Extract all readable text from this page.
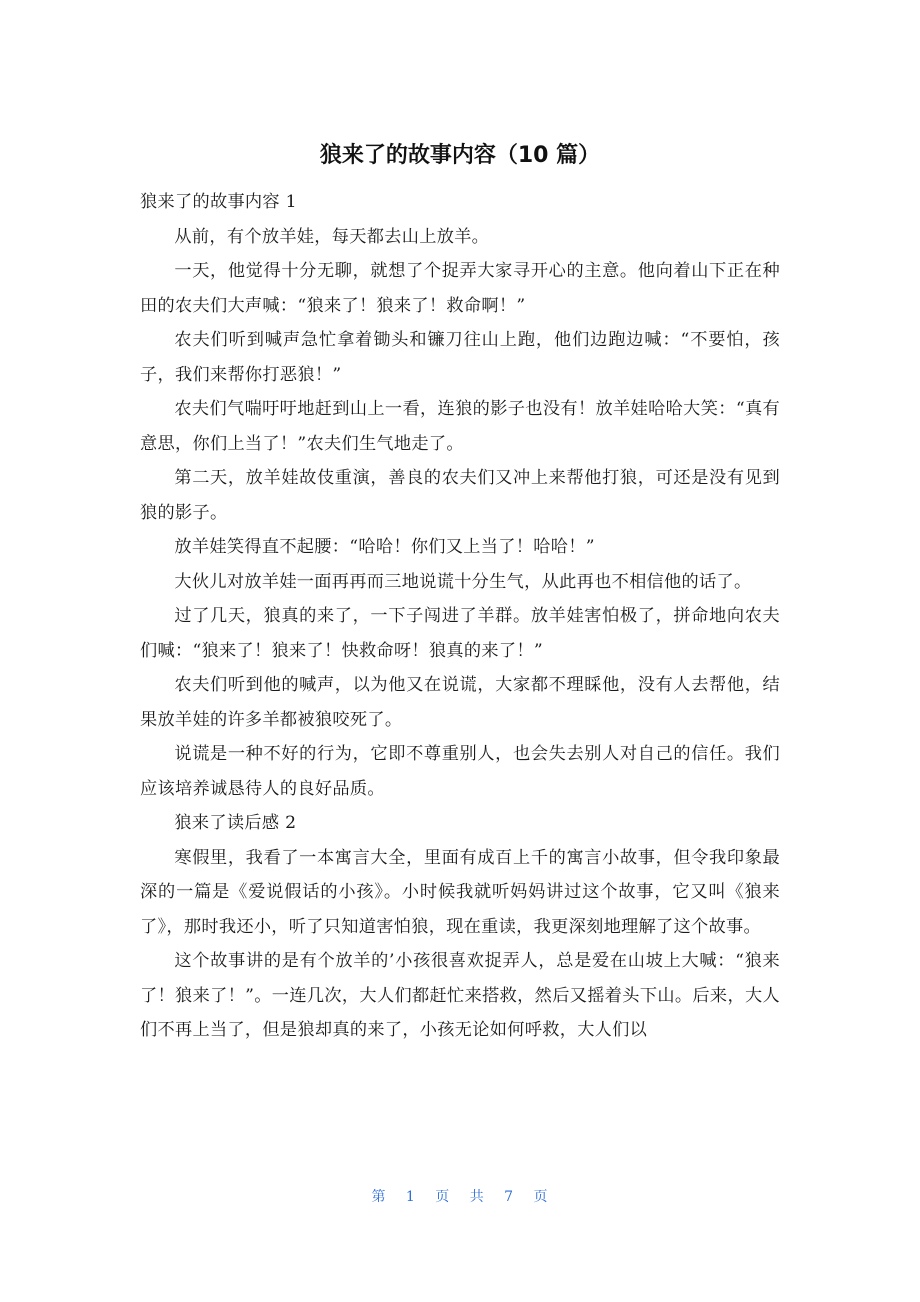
狼来了的故事内容（10 篇）

狼来了的故事内容 1

从前，有个放羊娃，每天都去山上放羊。

一天，他觉得十分无聊，就想了个捉弄大家寻开心的主意。他向着山下正在种田的农夫们大声喊：“狼来了！狼来了！救命啊！”

农夫们听到喊声急忙拿着锄头和镰刀往山上跑，他们边跑边喊：“不要怕，孩子，我们来帮你打恶狼！”

农夫们气喘吁吁地赶到山上一看，连狼的影子也没有！放羊娃哈哈大笑：“真有意思，你们上当了！”农夫们生气地走了。

第二天，放羊娃故伎重演，善良的农夫们又冲上来帮他打狼，可还是没有见到狼的影子。

放羊娃笑得直不起腰：“哈哈！你们又上当了！哈哈！”

大伙儿对放羊娃一面再再而三地说谎十分生气，从此再也不相信他的话了。

过了几天，狼真的来了，一下子闯进了羊群。放羊娃害怕极了，拼命地向农夫们喊：“狼来了！狼来了！快救命呀！狼真的来了！”

农夫们听到他的喊声，以为他又在说谎，大家都不理睬他，没有人去帮他，结果放羊娃的许多羊都被狼咬死了。

说谎是一种不好的行为，它即不尊重别人，也会失去别人对自己的信任。我们应该培养诚恳待人的良好品质。

狼来了读后感 2

寒假里，我看了一本寓言大全，里面有成百上千的寓言小故事，但令我印象最深的一篇是《爱说假话的小孩》。小时候我就听妈妈讲过这个故事，它又叫《狼来了》，那时我还小，听了只知道害怕狼，现在重读，我更深刻地理解了这个故事。

这个故事讲的是有个放羊的’小孩很喜欢捉弄人，总是爱在山坡上大喊：“狼来了！狼来了！”。一连几次，大人们都赶忙来搭救，然后又摇着头下山。后来，大人们不再上当了，但是狼却真的来了，小孩无论如何呼救，大人们以

第 1 页 共 7 页
